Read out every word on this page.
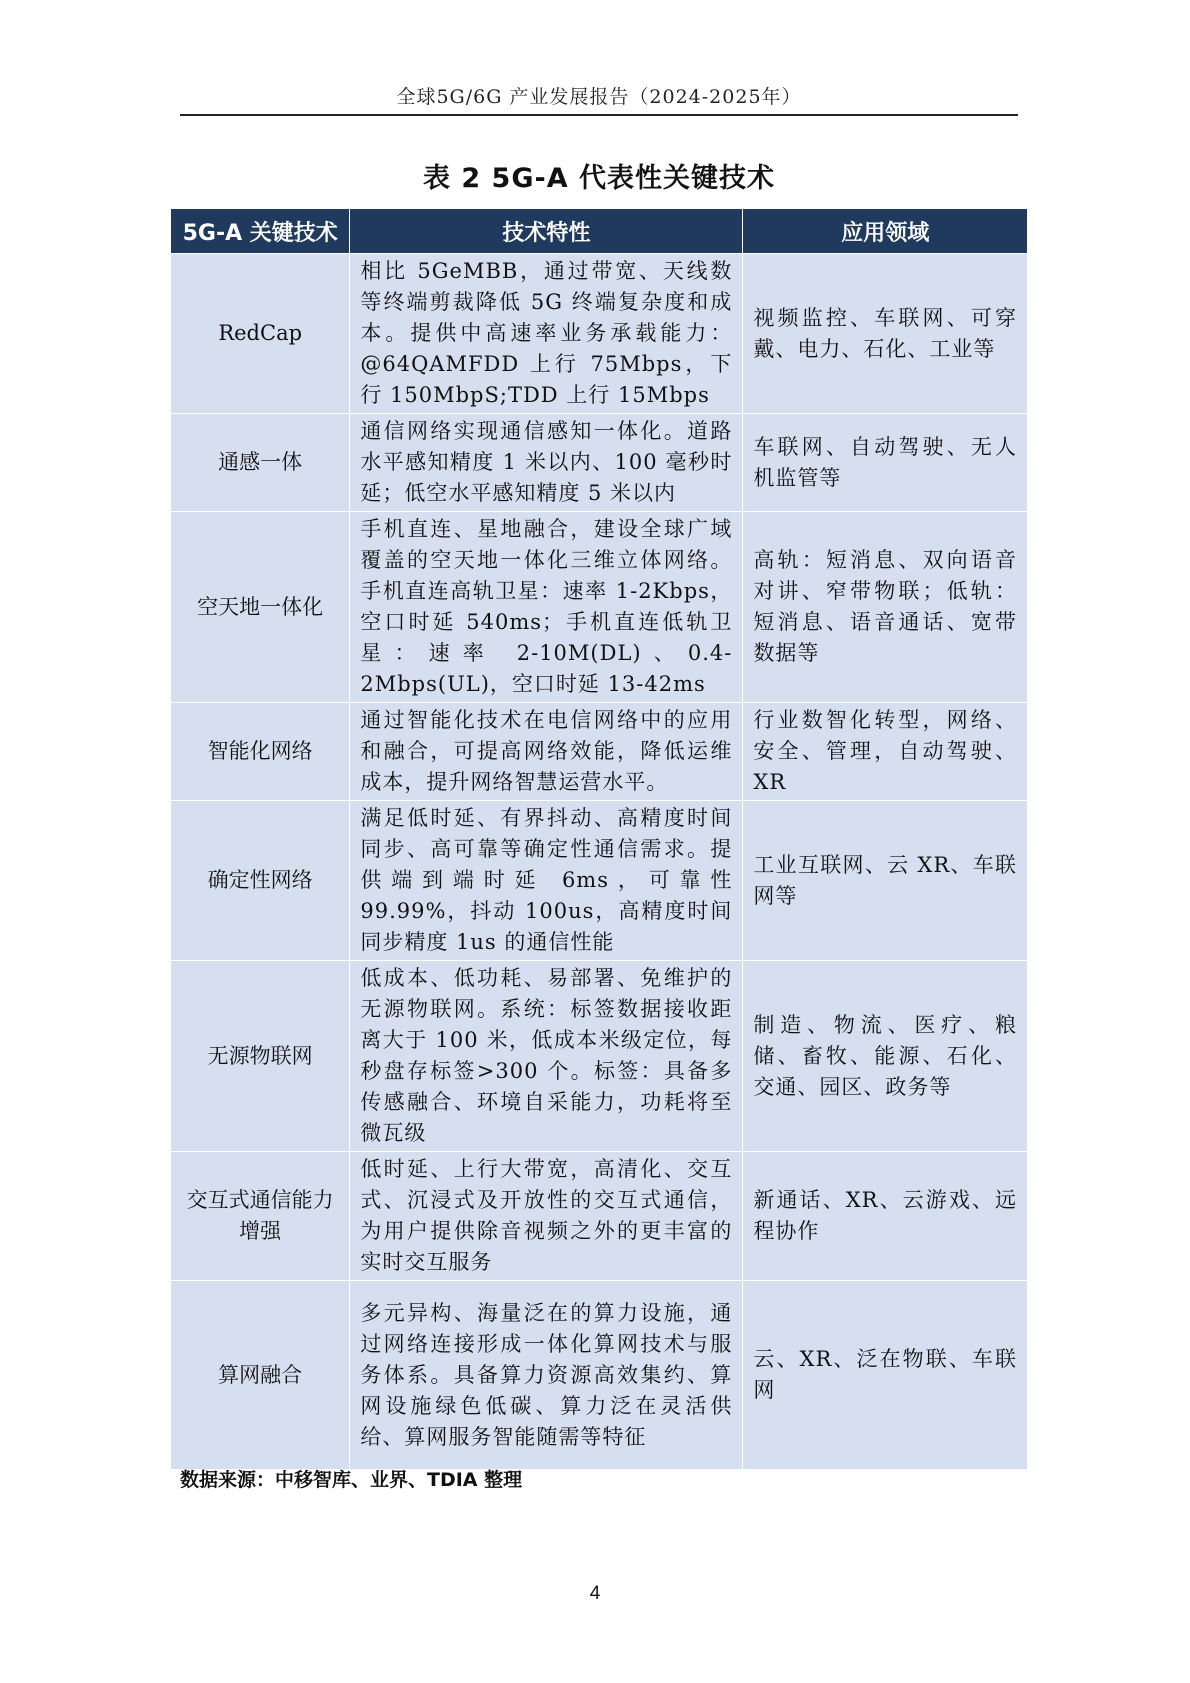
全球5G/6G 产业发展报告（2024-2025年）
表 2 5G-A 代表性关键技术
5G-A 关键技术	技术特性	应用领域
RedCap	相比 5GeMBB，通过带宽、天线数等终端剪裁降低 5G 终端复杂度和成本。提供中高速率业务承载能力：@64QAMFDD 上行 75Mbps，下行 150MbpS;TDD 上行 15Mbps	视频监控、车联网、可穿戴、电力、石化、工业等
通感一体	通信网络实现通信感知一体化。道路水平感知精度 1 米以内、100 毫秒时延；低空水平感知精度 5 米以内	车联网、自动驾驶、无人机监管等
空天地一体化	手机直连、星地融合，建设全球广域覆盖的空天地一体化三维立体网络。手机直连高轨卫星：速率 1-2Kbps，空口时延 540ms；手机直连低轨卫星：速率 2-10M(DL)、0.4-2Mbps(UL)，空口时延 13-42ms	高轨：短消息、双向语音对讲、窄带物联；低轨：短消息、语音通话、宽带数据等
智能化网络	通过智能化技术在电信网络中的应用和融合，可提高网络效能，降低运维成本，提升网络智慧运营水平。	行业数智化转型，网络、安全、管理，自动驾驶、XR
确定性网络	满足低时延、有界抖动、高精度时间同步、高可靠等确定性通信需求。提供端到端时延 6ms，可靠性 99.99%，抖动 100us，高精度时间同步精度 1us 的通信性能	工业互联网、云 XR、车联网等
无源物联网	低成本、低功耗、易部署、免维护的无源物联网。系统：标签数据接收距离大于 100 米，低成本米级定位，每秒盘存标签>300 个。标签：具备多传感融合、环境自采能力，功耗将至微瓦级	制造、物流、医疗、粮储、畜牧、能源、石化、交通、园区、政务等
交互式通信能力增强	低时延、上行大带宽，高清化、交互式、沉浸式及开放性的交互式通信，为用户提供除音视频之外的更丰富的实时交互服务	新通话、XR、云游戏、远程协作
算网融合	多元异构、海量泛在的算力设施，通过网络连接形成一体化算网技术与服务体系。具备算力资源高效集约、算网设施绿色低碳、算力泛在灵活供给、算网服务智能随需等特征	云、XR、泛在物联、车联网
数据来源：中移智库、业界、TDIA 整理
4
